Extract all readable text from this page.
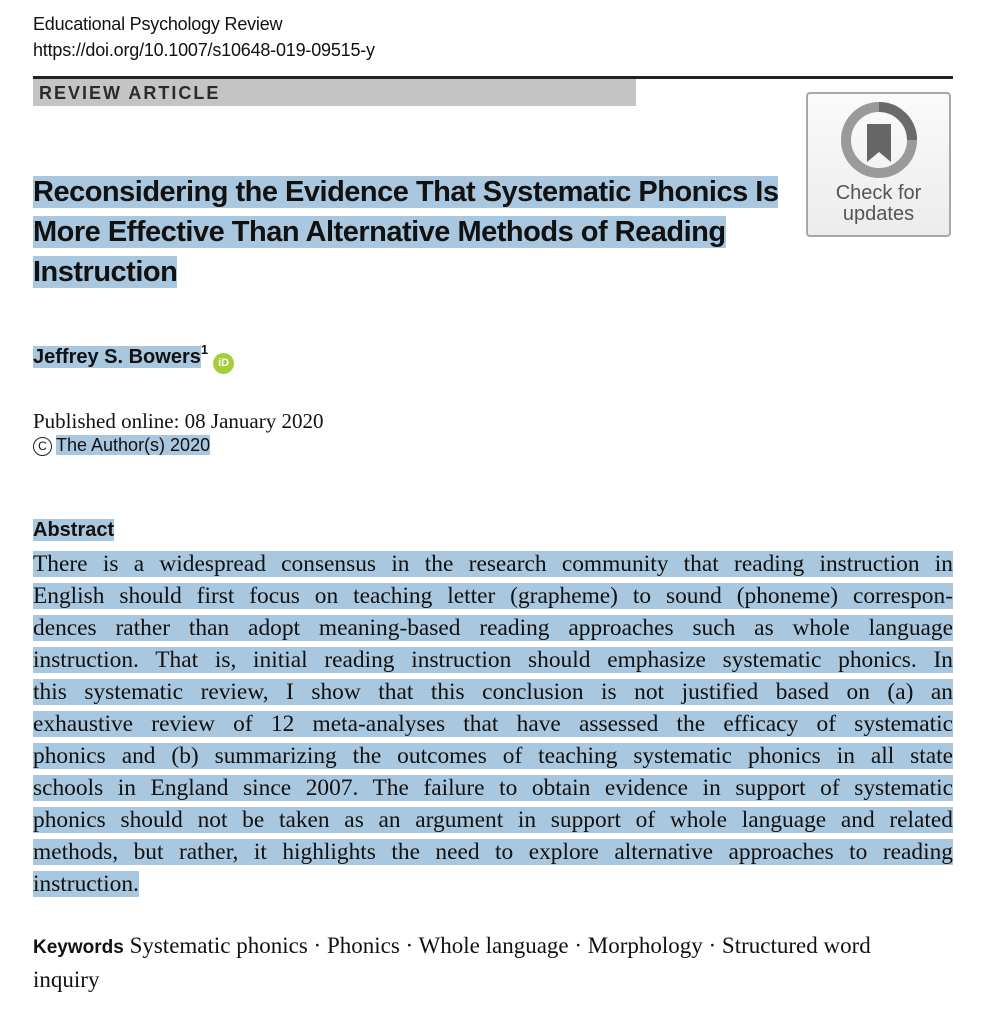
Educational Psychology Review
https://doi.org/10.1007/s10648-019-09515-y
REVIEW ARTICLE
Check for
updates
Reconsidering the Evidence That Systematic Phonics Is
More Effective Than Alternative Methods of Reading
Instruction
Jeffrey S. Bowers$^1$iD
Published online: 08 January 2020
C The Author(s) 2020
Abstract
There is a widespread consensus in the research community that reading instruction in
English should first focus on teaching letter (grapheme) to sound (phoneme) correspon-
dences rather than adopt meaning-based reading approaches such as whole language
instruction. That is, initial reading instruction should emphasize systematic phonics. In
this systematic review, I show that this conclusion is not justified based on (a) an
exhaustive review of 12 meta-analyses that have assessed the efficacy of systematic
phonics and (b) summarizing the outcomes of teaching systematic phonics in all state
schools in England since 2007. The failure to obtain evidence in support of systematic
phonics should not be taken as an argument in support of whole language and related
methods, but rather, it highlights the need to explore alternative approaches to reading
instruction.
Keywords Systematic phonics · Phonics · Whole language · Morphology · Structured word inquiry
